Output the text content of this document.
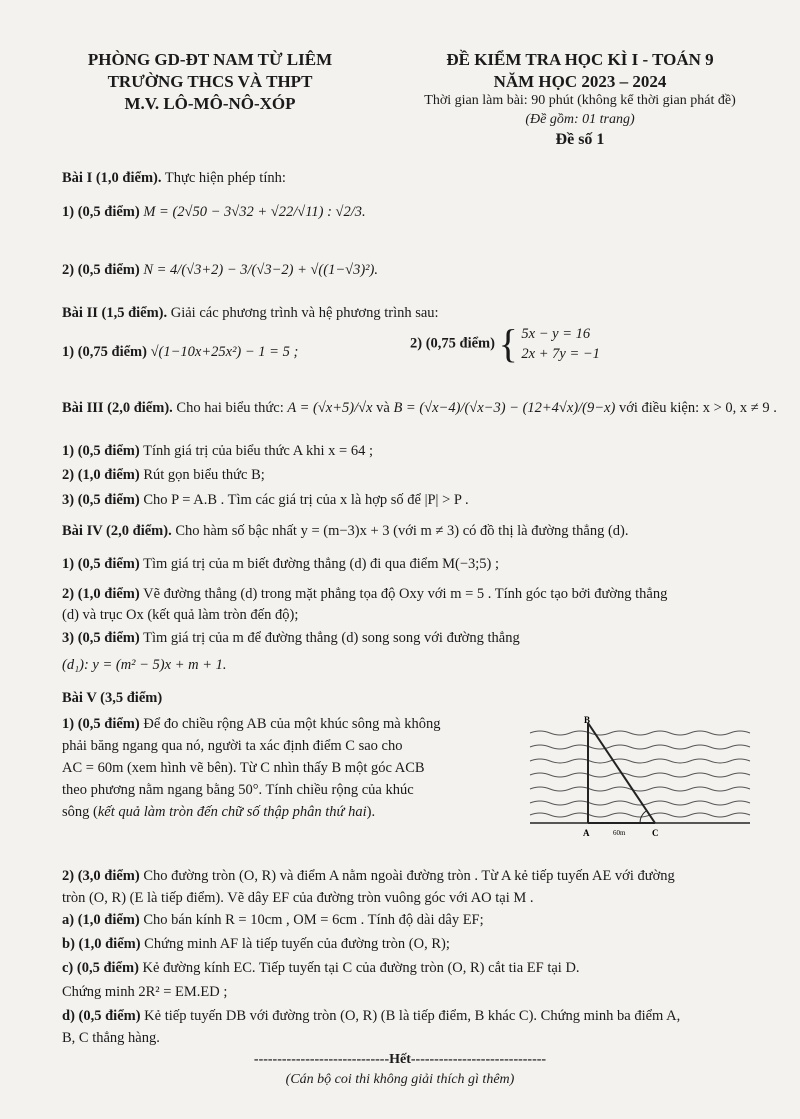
PHÒNG GD-ĐT NAM TỪ LIÊM
TRƯỜNG THCS VÀ THPT
M.V. LÔ-MÔ-NÔ-XÓP
ĐỀ KIỂM TRA HỌC KÌ I - TOÁN 9
NĂM HỌC 2023 – 2024
Thời gian làm bài: 90 phút (không kể thời gian phát đề)
(Đề gồm: 01 trang)
Đề số 1
Bài I (1,0 điểm). Thực hiện phép tính:
1) (0,5 điểm) M = (2√50 − 3√32 + √22/√11) : √2/3.
2) (0,5 điểm) N = 4/(√3+2) − 3/(√3−2) + √((1−√3)²).
Bài II (1,5 điểm). Giải các phương trình và hệ phương trình sau:
1) (0,75 điểm) √(1−10x+25x²) − 1 = 5 ;
2) (0,75 điểm) { 5x − y = 16
2x + 7y = −1
Bài III (2,0 điểm). Cho hai biểu thức: A = (√x+5)/√x và B = (√x−4)/(√x−3) − (12+4√x)/(9−x) với điều kiện: x > 0, x ≠ 9 .
1) (0,5 điểm) Tính giá trị của biểu thức A khi x = 64 ;
2) (1,0 điểm) Rút gọn biểu thức B;
3) (0,5 điểm) Cho P = A.B . Tìm các giá trị của x là hợp số để |P| > P .
Bài IV (2,0 điểm). Cho hàm số bậc nhất y = (m−3)x + 3 (với m ≠ 3) có đồ thị là đường thẳng (d).
1) (0,5 điểm) Tìm giá trị của m biết đường thẳng (d) đi qua điểm M(−3;5) ;
2) (1,0 điểm) Vẽ đường thẳng (d) trong mặt phẳng tọa độ Oxy với m = 5 . Tính góc tạo bởi đường thẳng
(d) và trục Ox (kết quả làm tròn đến độ);
3) (0,5 điểm) Tìm giá trị của m để đường thẳng (d) song song với đường thẳng
(d₁): y = (m² − 5)x + m + 1.
Bài V (3,5 điểm)
1) (0,5 điểm) Để đo chiều rộng AB của một khúc sông mà không
phải băng ngang qua nó, người ta xác định điểm C sao cho
AC = 60m (xem hình vẽ bên). Từ C nhìn thấy B một góc ACB
theo phương nằm ngang bằng 50°. Tính chiều rộng của khúc
sông (kết quả làm tròn đến chữ số thập phân thứ hai).
B
A	C
60m
2) (3,0 điểm) Cho đường tròn (O, R) và điểm A nằm ngoài đường tròn . Từ A kẻ tiếp tuyến AE với đường
tròn (O, R) (E là tiếp điểm). Vẽ dây EF của đường tròn vuông góc với AO tại M .
a) (1,0 điểm) Cho bán kính R = 10cm , OM = 6cm . Tính độ dài dây EF;
b) (1,0 điểm) Chứng minh AF là tiếp tuyến của đường tròn (O, R);
c) (0,5 điểm) Kẻ đường kính EC. Tiếp tuyến tại C của đường tròn (O, R) cắt tia EF tại D.
Chứng minh 2R² = EM.ED ;
d) (0,5 điểm) Kẻ tiếp tuyến DB với đường tròn (O, R) (B là tiếp điểm, B khác C). Chứng minh ba điểm A,
B, C thẳng hàng.
-----------------------------Hết-----------------------------
(Cán bộ coi thi không giải thích gì thêm)
